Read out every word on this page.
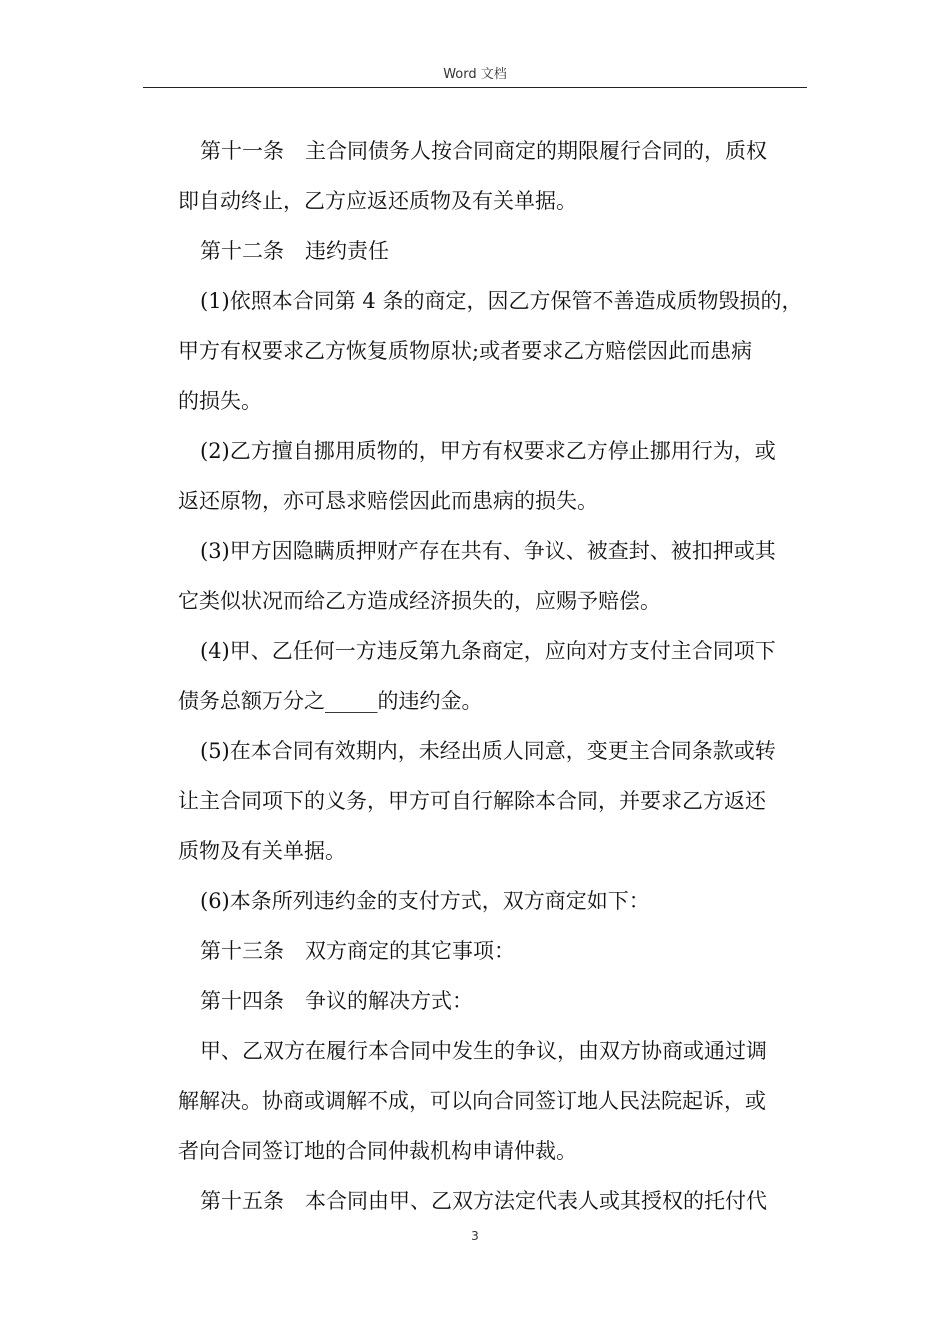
Word 文档

第十一条　主合同债务人按合同商定的期限履行合同的，质权

即自动终止，乙方应返还质物及有关单据。

第十二条　违约责任

(1)依照本合同第 4 条的商定，因乙方保管不善造成质物毁损的，

甲方有权要求乙方恢复质物原状;或者要求乙方赔偿因此而患病

的损失。

(2)乙方擅自挪用质物的，甲方有权要求乙方停止挪用行为，或

返还原物，亦可恳求赔偿因此而患病的损失。

(3)甲方因隐瞒质押财产存在共有、争议、被查封、被扣押或其

它类似状况而给乙方造成经济损失的，应赐予赔偿。

(4)甲、乙任何一方违反第九条商定，应向对方支付主合同项下

债务总额万分之_____的违约金。

(5)在本合同有效期内，未经出质人同意，变更主合同条款或转

让主合同项下的义务，甲方可自行解除本合同，并要求乙方返还

质物及有关单据。

(6)本条所列违约金的支付方式，双方商定如下：

第十三条　双方商定的其它事项：

第十四条　争议的解决方式：

甲、乙双方在履行本合同中发生的争议，由双方协商或通过调

解解决。协商或调解不成，可以向合同签订地人民法院起诉，或

者向合同签订地的合同仲裁机构申请仲裁。

第十五条　本合同由甲、乙双方法定代表人或其授权的托付代

3
